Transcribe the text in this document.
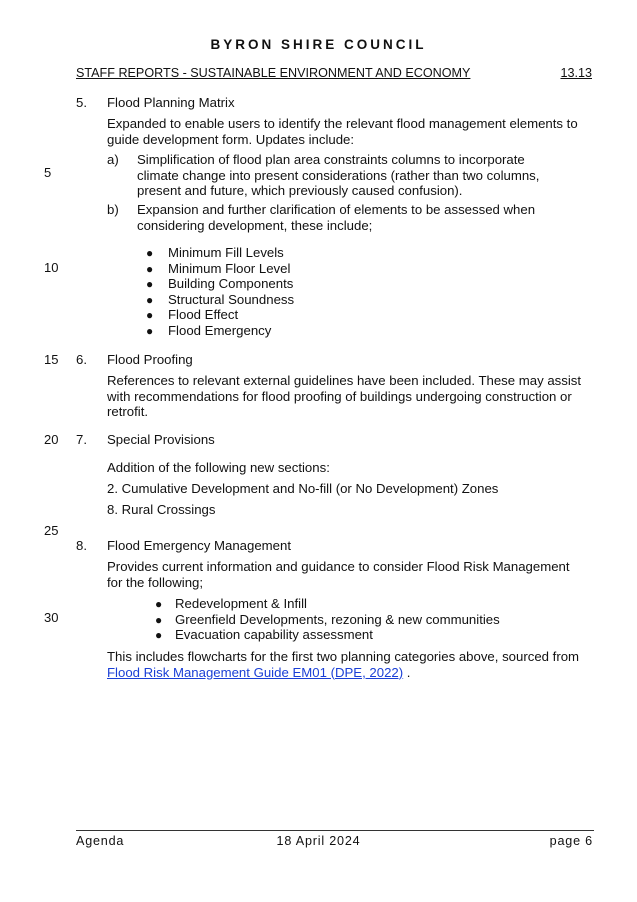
BYRON SHIRE COUNCIL
STAFF REPORTS - SUSTAINABLE ENVIRONMENT AND ECONOMY	13.13
5
10
15
20
25
30
5. Flood Planning Matrix
Expanded to enable users to identify the relevant flood management elements to guide development form. Updates include:
a) Simplification of flood plan area constraints columns to incorporate climate change into present considerations (rather than two columns, present and future, which previously caused confusion).
b) Expansion and further clarification of elements to be assessed when considering development, these include;
● Minimum Fill Levels
● Minimum Floor Level
● Building Components
● Structural Soundness
● Flood Effect
● Flood Emergency
6. Flood Proofing
References to relevant external guidelines have been included. These may assist with recommendations for flood proofing of buildings undergoing construction or retrofit.
7. Special Provisions
Addition of the following new sections:
2. Cumulative Development and No-fill (or No Development) Zones
8. Rural Crossings
8. Flood Emergency Management
Provides current information and guidance to consider Flood Risk Management for the following;
● Redevelopment & Infill
● Greenfield Developments, rezoning & new communities
● Evacuation capability assessment
This includes flowcharts for the first two planning categories above, sourced from Flood Risk Management Guide EM01 (DPE, 2022) .
Agenda	18 April 2024	page 6
